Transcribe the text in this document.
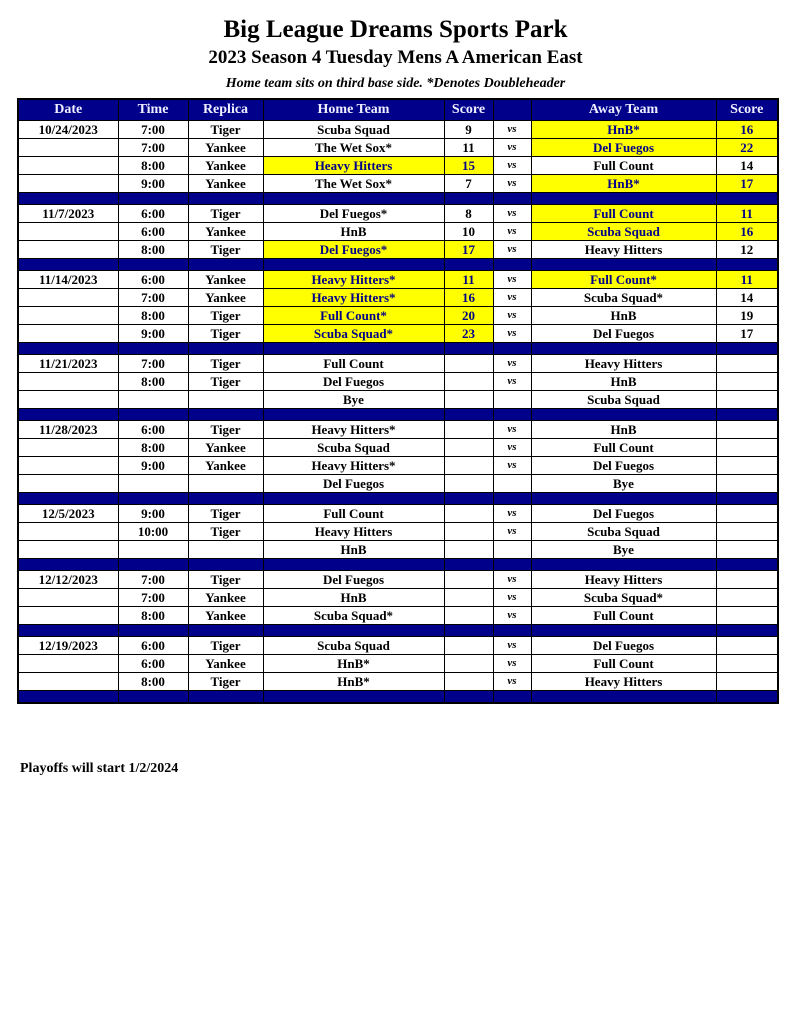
Big League Dreams Sports Park
2023 Season 4 Tuesday Mens A American East
Home team sits on third base side. *Denotes Doubleheader
Date	Time	Replica	Home Team	Score		Away Team	Score
10/24/2023	7:00	Tiger	Scuba Squad	9	vs	HnB*	16
	7:00	Yankee	The Wet Sox*	11	vs	Del Fuegos	22
	8:00	Yankee	Heavy Hitters	15	vs	Full Count	14
	9:00	Yankee	The Wet Sox*	7	vs	HnB*	17

11/7/2023	6:00	Tiger	Del Fuegos*	8	vs	Full Count	11
	6:00	Yankee	HnB	10	vs	Scuba Squad	16
	8:00	Tiger	Del Fuegos*	17	vs	Heavy Hitters	12

11/14/2023	6:00	Yankee	Heavy Hitters*	11	vs	Full Count*	11
	7:00	Yankee	Heavy Hitters*	16	vs	Scuba Squad*	14
	8:00	Tiger	Full Count*	20	vs	HnB	19
	9:00	Tiger	Scuba Squad*	23	vs	Del Fuegos	17

11/21/2023	7:00	Tiger	Full Count		vs	Heavy Hitters	
	8:00	Tiger	Del Fuegos		vs	HnB	
			Bye			Scuba Squad	

11/28/2023	6:00	Tiger	Heavy Hitters*		vs	HnB	
	8:00	Yankee	Scuba Squad		vs	Full Count	
	9:00	Yankee	Heavy Hitters*		vs	Del Fuegos	
			Del Fuegos			Bye	

12/5/2023	9:00	Tiger	Full Count		vs	Del Fuegos	
	10:00	Tiger	Heavy Hitters		vs	Scuba Squad	
			HnB			Bye	

12/12/2023	7:00	Tiger	Del Fuegos		vs	Heavy Hitters	
	7:00	Yankee	HnB		vs	Scuba Squad*	
	8:00	Yankee	Scuba Squad*		vs	Full Count	

12/19/2023	6:00	Tiger	Scuba Squad		vs	Del Fuegos	
	6:00	Yankee	HnB*		vs	Full Count	
	8:00	Tiger	HnB*		vs	Heavy Hitters	

Playoffs will start 1/2/2024
